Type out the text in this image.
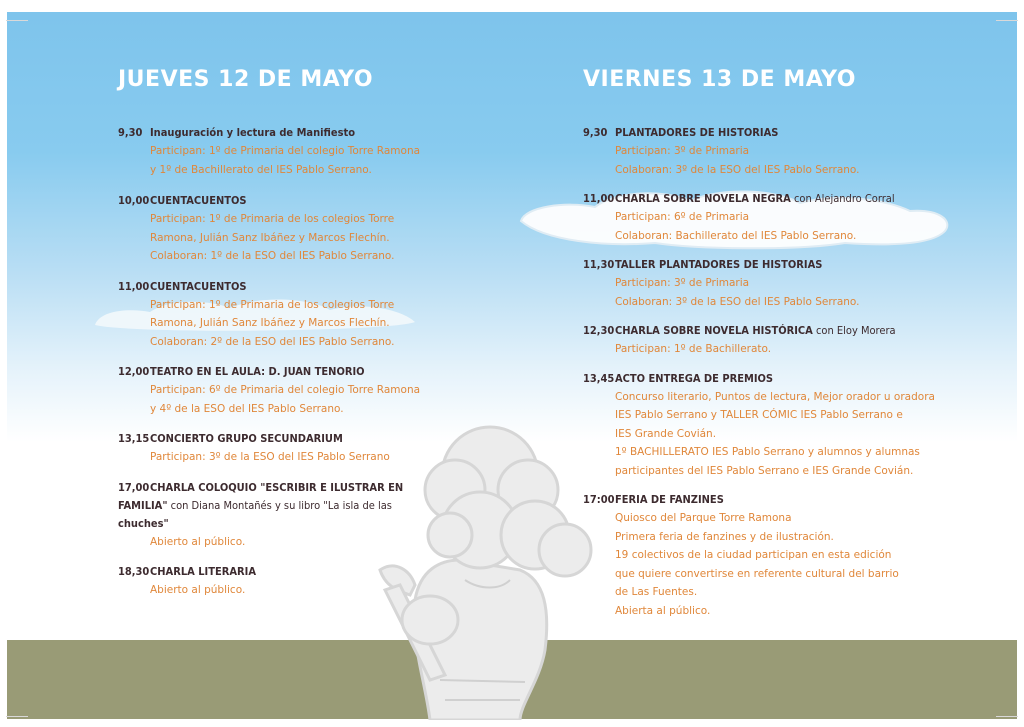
JUEVES 12 DE MAYO	VIERNES 13 DE MAYO
9,30 Inauguración y lectura de Manifiesto
Participan: 1º de Primaria del colegio Torre Ramona
y 1º de Bachillerato del IES Pablo Serrano.
10,00CUENTACUENTOS
Participan: 1º de Primaria de los colegios Torre
Ramona, Julián Sanz Ibáñez y Marcos Flechín.
Colaboran: 1º de la ESO del IES Pablo Serrano.
11,00CUENTACUENTOS
Participan: 1º de Primaria de los colegios Torre
Ramona, Julián Sanz Ibáñez y Marcos Flechín.
Colaboran: 2º de la ESO del IES Pablo Serrano.
12,00TEATRO EN EL AULA: D. JUAN TENORIO
Participan: 6º de Primaria del colegio Torre Ramona
y 4º de la ESO del IES Pablo Serrano.
13,15CONCIERTO GRUPO SECUNDARIUM
Participan: 3º de la ESO del IES Pablo Serrano
17,00CHARLA COLOQUIO "ESCRIBIR E ILUSTRAR EN
FAMILIA" con Diana Montañés y su libro "La isla de las
chuches"
Abierto al público.
18,30CHARLA LITERARIA
Abierto al público.
9,30 PLANTADORES DE HISTORIAS
Participan: 3º de Primaria
Colaboran: 3º de la ESO del IES Pablo Serrano.
11,00CHARLA SOBRE NOVELA NEGRA con Alejandro Corral
Participan: 6º de Primaria
Colaboran: Bachillerato del IES Pablo Serrano.
11,30TALLER PLANTADORES DE HISTORIAS
Participan: 3º de Primaria
Colaboran: 3º de la ESO del IES Pablo Serrano.
12,30CHARLA SOBRE NOVELA HISTÓRICA con Eloy Morera
Participan: 1º de Bachillerato.
13,45ACTO ENTREGA DE PREMIOS
Concurso literario, Puntos de lectura, Mejor orador u oradora
IES Pablo Serrano y TALLER CÓMIC IES Pablo Serrano e
IES Grande Covián.
1º BACHILLERATO IES Pablo Serrano y alumnos y alumnas
participantes del IES Pablo Serrano e IES Grande Covián.
17:00FERIA DE FANZINES
Quiosco del Parque Torre Ramona
Primera feria de fanzines y de ilustración.
19 colectivos de la ciudad participan en esta edición
que quiere convertirse en referente cultural del barrio
de Las Fuentes.
Abierta al público.
